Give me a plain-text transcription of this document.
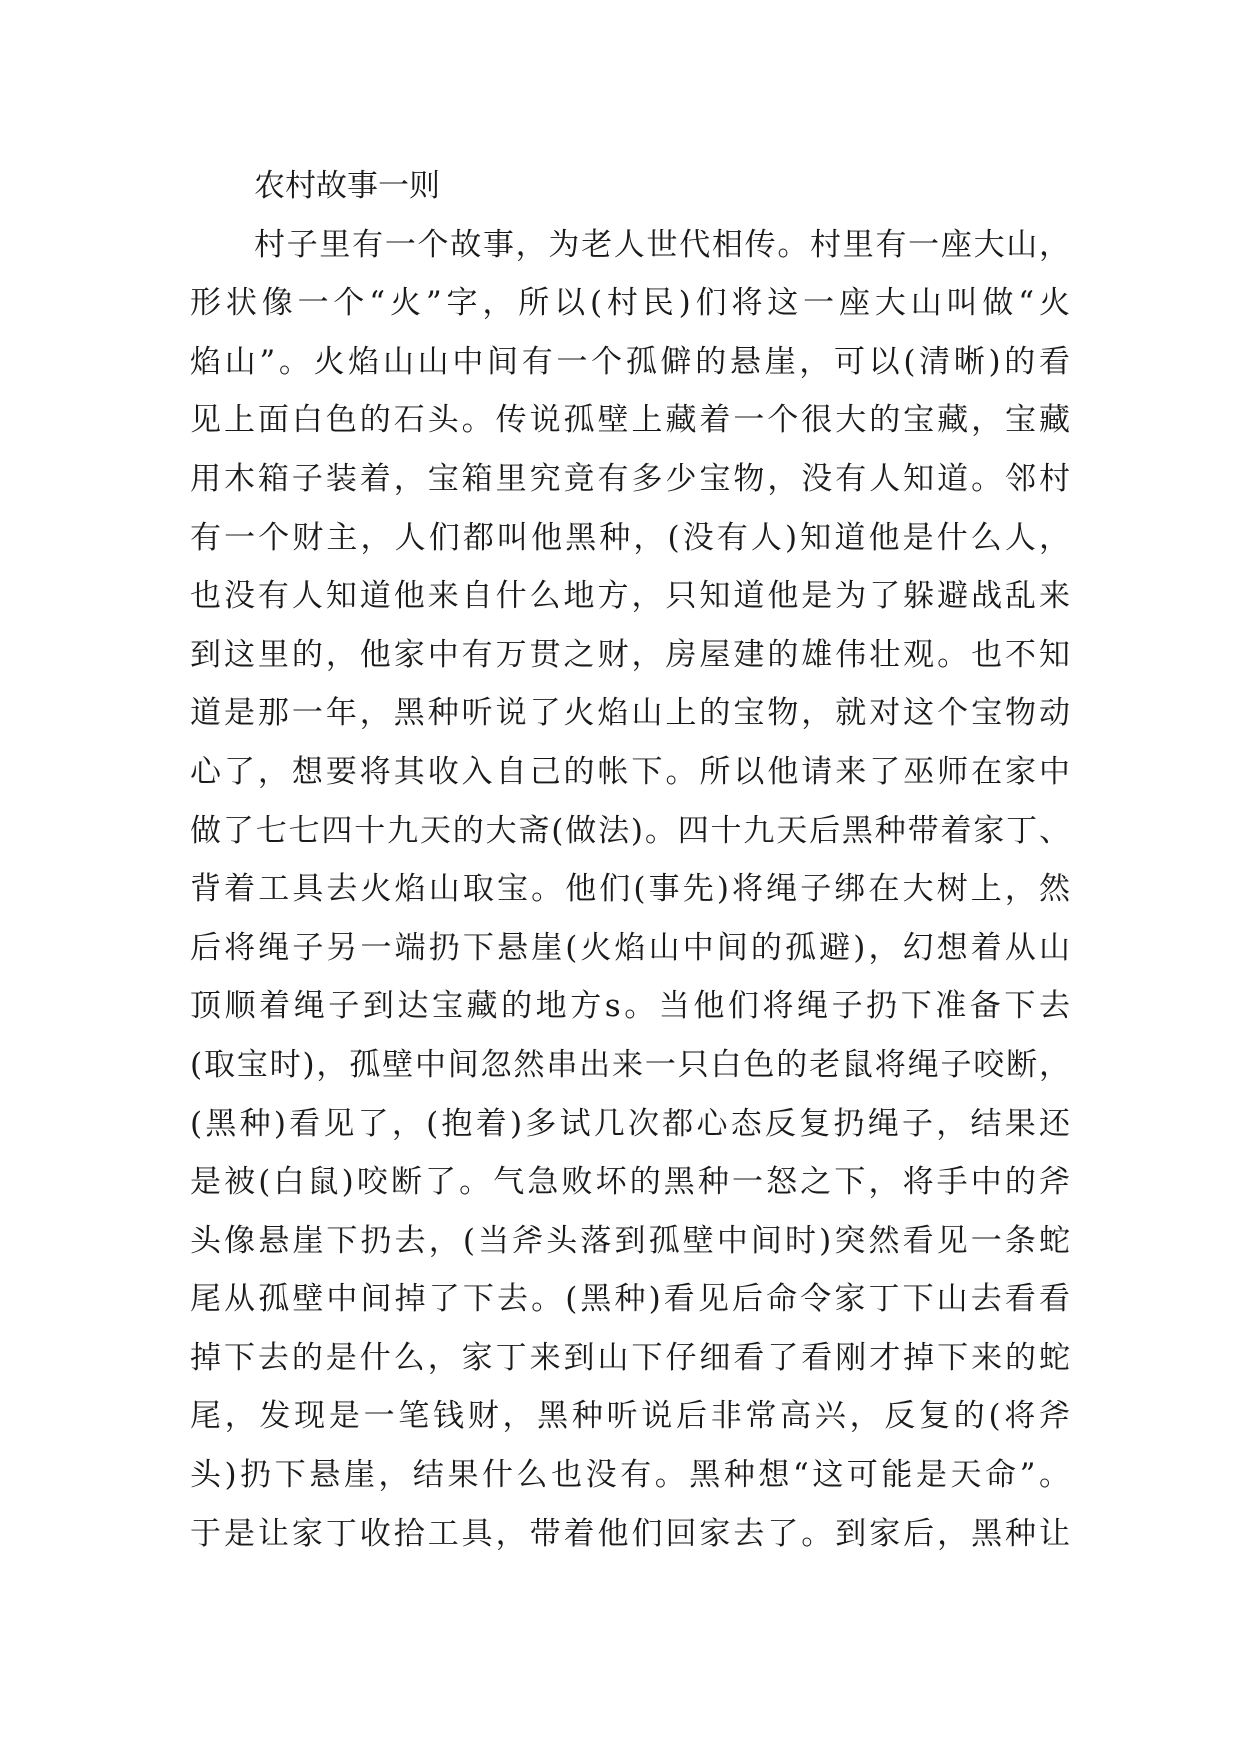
农村故事一则
村子里有一个故事，为老人世代相传。村里有一座大山，
形状像一个“火”字，所以(村民)们将这一座大山叫做“火
焰山”。火焰山山中间有一个孤僻的悬崖，可以(清晰)的看
见上面白色的石头。传说孤壁上藏着一个很大的宝藏，宝藏
用木箱子装着，宝箱里究竟有多少宝物，没有人知道。邻村
有一个财主，人们都叫他黑种，(没有人)知道他是什么人，
也没有人知道他来自什么地方，只知道他是为了躲避战乱来
到这里的，他家中有万贯之财，房屋建的雄伟壮观。也不知
道是那一年，黑种听说了火焰山上的宝物，就对这个宝物动
心了，想要将其收入自己的帐下。所以他请来了巫师在家中
做了七七四十九天的大斋(做法)。四十九天后黑种带着家丁、
背着工具去火焰山取宝。他们(事先)将绳子绑在大树上，然
后将绳子另一端扔下悬崖(火焰山中间的孤避)，幻想着从山
顶顺着绳子到达宝藏的地方s。当他们将绳子扔下准备下去
(取宝时)，孤壁中间忽然串出来一只白色的老鼠将绳子咬断，
(黑种)看见了，(抱着)多试几次都心态反复扔绳子，结果还
是被(白鼠)咬断了。气急败坏的黑种一怒之下，将手中的斧
头像悬崖下扔去，(当斧头落到孤壁中间时)突然看见一条蛇
尾从孤壁中间掉了下去。(黑种)看见后命令家丁下山去看看
掉下去的是什么，家丁来到山下仔细看了看刚才掉下来的蛇
尾，发现是一笔钱财，黑种听说后非常高兴，反复的(将斧
头)扔下悬崖，结果什么也没有。黑种想“这可能是天命”。
于是让家丁收拾工具，带着他们回家去了。到家后，黑种让
